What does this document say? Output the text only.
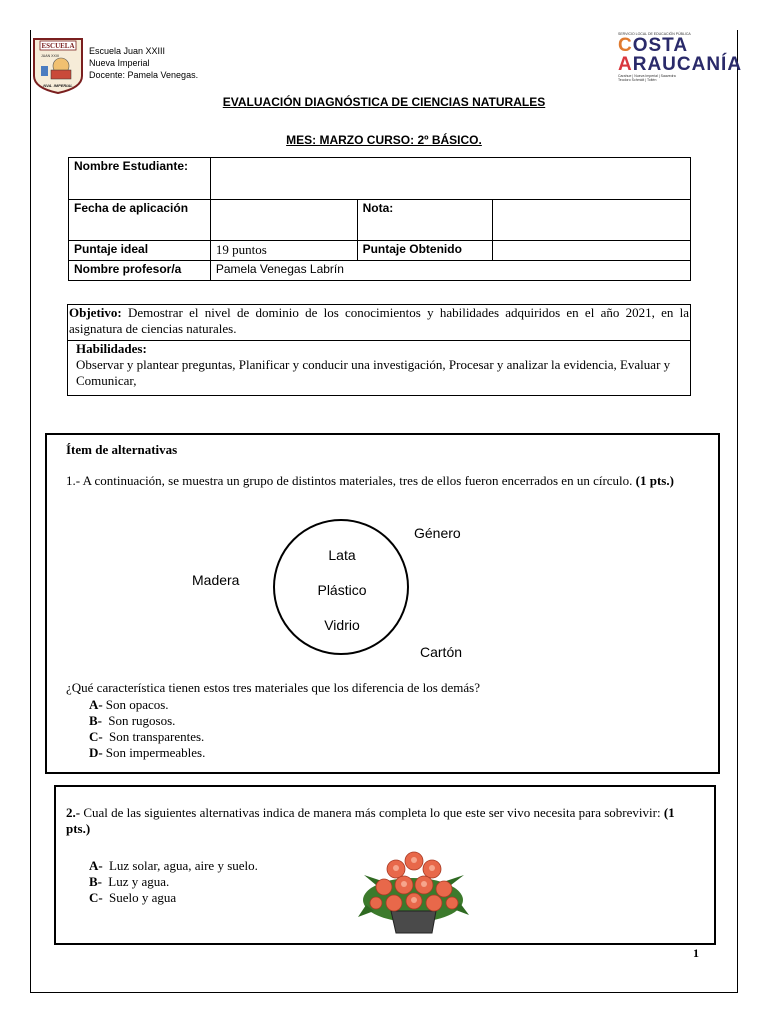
ESCUELA
JUAN XXIII
NVA. IMPERIAL
Escuela Juan XXIII
Nueva Imperial
Docente: Pamela Venegas.
SERVICIO LOCAL DE EDUCACIÓN PÚBLICA
COSTA
ARAUCANÍA
Carahue | Nueva Imperial | Saavedra
Teodoro Schmidt | Toltén
EVALUACIÓN DIAGNÓSTICA DE CIENCIAS NATURALES
MES: MARZO CURSO: 2º BÁSICO.
Nombre Estudiante:			
Fecha de aplicación		Nota:	
Puntaje ideal	19 puntos	Puntaje Obtenido	
Nombre profesor/a	Pamela Venegas Labrín		
Objetivo: Demostrar el nivel de dominio de los conocimientos y habilidades adquiridos en el año 2021, en la asignatura de ciencias naturales.
Habilidades:
Observar y plantear preguntas, Planificar y conducir una investigación, Procesar y analizar la evidencia, Evaluar y Comunicar,
Ítem de alternativas
1.- A continuación, se muestra un grupo de distintos materiales, tres de ellos fueron encerrados en un círculo. (1 pts.)
Lata
Plástico
Vidrio
Madera
Género
Cartón
¿Qué característica tienen estos tres materiales que los diferencia de los demás?
A- Son opacos.
B- Son rugosos.
C- Son transparentes.
D- Son impermeables.
2.- Cual de las siguientes alternativas indica de manera más completa lo que este ser vivo necesita para sobrevivir: (1 pts.)
A- Luz solar, agua, aire y suelo.
B- Luz y agua.
C- Suelo y agua
1
